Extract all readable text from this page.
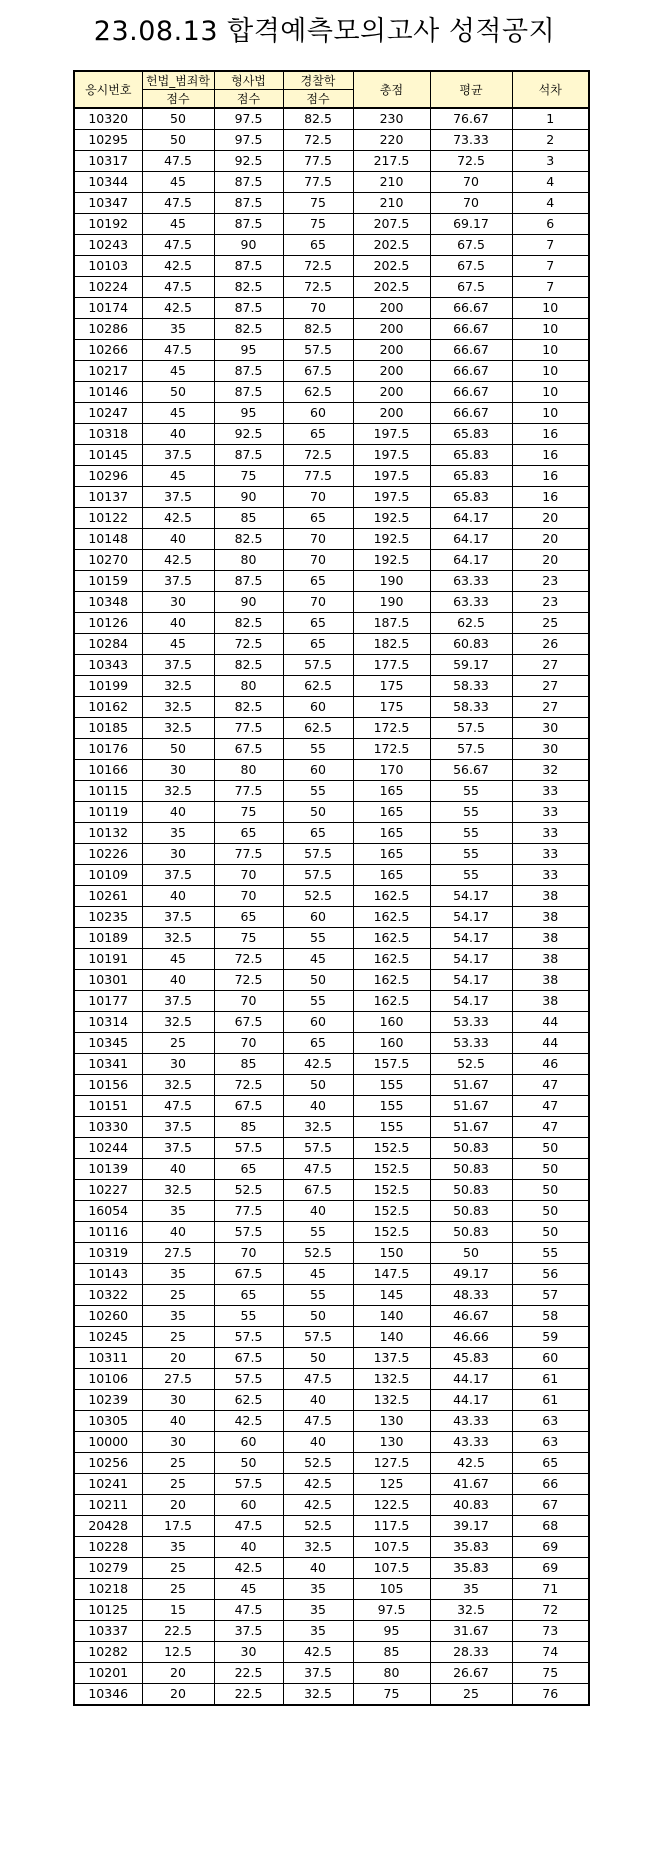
23.08.13 합격예측모의고사 성적공지
응시번호	헌법_범죄학	형사법	경찰학	총점	평균	석차
	점수	점수	점수			
10320	50	97.5	82.5	230	76.67	1
10295	50	97.5	72.5	220	73.33	2
10317	47.5	92.5	77.5	217.5	72.5	3
10344	45	87.5	77.5	210	70	4
10347	47.5	87.5	75	210	70	4
10192	45	87.5	75	207.5	69.17	6
10243	47.5	90	65	202.5	67.5	7
10103	42.5	87.5	72.5	202.5	67.5	7
10224	47.5	82.5	72.5	202.5	67.5	7
10174	42.5	87.5	70	200	66.67	10
10286	35	82.5	82.5	200	66.67	10
10266	47.5	95	57.5	200	66.67	10
10217	45	87.5	67.5	200	66.67	10
10146	50	87.5	62.5	200	66.67	10
10247	45	95	60	200	66.67	10
10318	40	92.5	65	197.5	65.83	16
10145	37.5	87.5	72.5	197.5	65.83	16
10296	45	75	77.5	197.5	65.83	16
10137	37.5	90	70	197.5	65.83	16
10122	42.5	85	65	192.5	64.17	20
10148	40	82.5	70	192.5	64.17	20
10270	42.5	80	70	192.5	64.17	20
10159	37.5	87.5	65	190	63.33	23
10348	30	90	70	190	63.33	23
10126	40	82.5	65	187.5	62.5	25
10284	45	72.5	65	182.5	60.83	26
10343	37.5	82.5	57.5	177.5	59.17	27
10199	32.5	80	62.5	175	58.33	27
10162	32.5	82.5	60	175	58.33	27
10185	32.5	77.5	62.5	172.5	57.5	30
10176	50	67.5	55	172.5	57.5	30
10166	30	80	60	170	56.67	32
10115	32.5	77.5	55	165	55	33
10119	40	75	50	165	55	33
10132	35	65	65	165	55	33
10226	30	77.5	57.5	165	55	33
10109	37.5	70	57.5	165	55	33
10261	40	70	52.5	162.5	54.17	38
10235	37.5	65	60	162.5	54.17	38
10189	32.5	75	55	162.5	54.17	38
10191	45	72.5	45	162.5	54.17	38
10301	40	72.5	50	162.5	54.17	38
10177	37.5	70	55	162.5	54.17	38
10314	32.5	67.5	60	160	53.33	44
10345	25	70	65	160	53.33	44
10341	30	85	42.5	157.5	52.5	46
10156	32.5	72.5	50	155	51.67	47
10151	47.5	67.5	40	155	51.67	47
10330	37.5	85	32.5	155	51.67	47
10244	37.5	57.5	57.5	152.5	50.83	50
10139	40	65	47.5	152.5	50.83	50
10227	32.5	52.5	67.5	152.5	50.83	50
16054	35	77.5	40	152.5	50.83	50
10116	40	57.5	55	152.5	50.83	50
10319	27.5	70	52.5	150	50	55
10143	35	67.5	45	147.5	49.17	56
10322	25	65	55	145	48.33	57
10260	35	55	50	140	46.67	58
10245	25	57.5	57.5	140	46.66	59
10311	20	67.5	50	137.5	45.83	60
10106	27.5	57.5	47.5	132.5	44.17	61
10239	30	62.5	40	132.5	44.17	61
10305	40	42.5	47.5	130	43.33	63
10000	30	60	40	130	43.33	63
10256	25	50	52.5	127.5	42.5	65
10241	25	57.5	42.5	125	41.67	66
10211	20	60	42.5	122.5	40.83	67
20428	17.5	47.5	52.5	117.5	39.17	68
10228	35	40	32.5	107.5	35.83	69
10279	25	42.5	40	107.5	35.83	69
10218	25	45	35	105	35	71
10125	15	47.5	35	97.5	32.5	72
10337	22.5	37.5	35	95	31.67	73
10282	12.5	30	42.5	85	28.33	74
10201	20	22.5	37.5	80	26.67	75
10346	20	22.5	32.5	75	25	76
